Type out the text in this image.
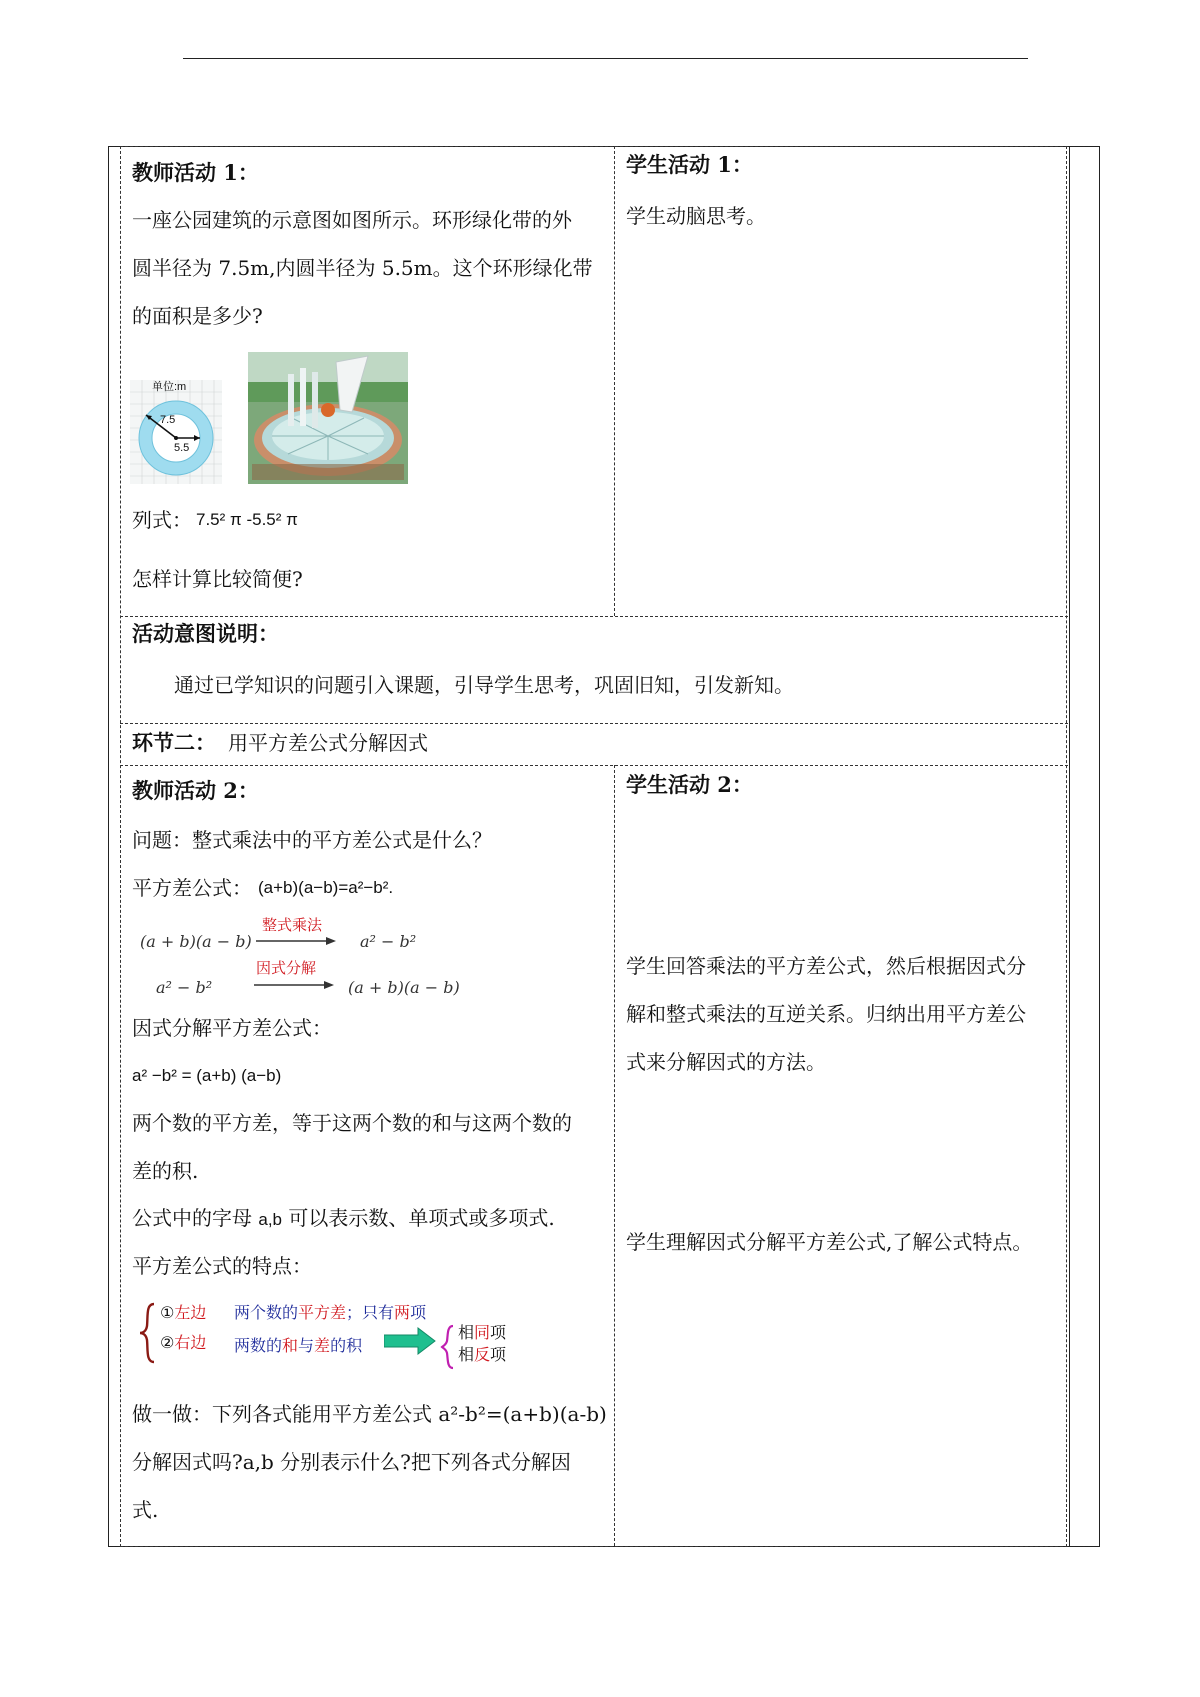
教师活动 1：
一座公园建筑的示意图如图所示。环形绿化带的外
圆半径为 7.5m,内圆半径为 5.5m。这个环形绿化带
的面积是多少?
单位:m
7.5
5.5
列式： 7.5² π -5.5² π
怎样计算比较简便?
学生活动 1：
学生动脑思考。
活动意图说明：
通过已学知识的问题引入课题，引导学生思考，巩固旧知，引发新知。
环节二： 用平方差公式分解因式
教师活动 2：
问题：整式乘法中的平方差公式是什么？
平方差公式： (a+b)(a−b)=a²−b².
(a + b)(a − b)
整式乘法
a² − b²
a² − b²
因式分解
(a + b)(a − b)
因式分解平方差公式：
a² −b² = (a+b) (a−b)
两个数的平方差，等于这两个数的和与这两个数的
差的积.
公式中的字母 a,b 可以表示数、单项式或多项式.
平方差公式的特点：
①左边 两个数的平方差；只有两项
②右边 两数的和与差的积
相同项
相反项
做一做：下列各式能用平方差公式 a²-b²=(a+b)(a-b)
分解因式吗?a,b 分别表示什么?把下列各式分解因
式.
学生活动 2：
学生回答乘法的平方差公式，然后根据因式分
解和整式乘法的互逆关系。归纳出用平方差公
式来分解因式的方法。
学生理解因式分解平方差公式,了解公式特点。
